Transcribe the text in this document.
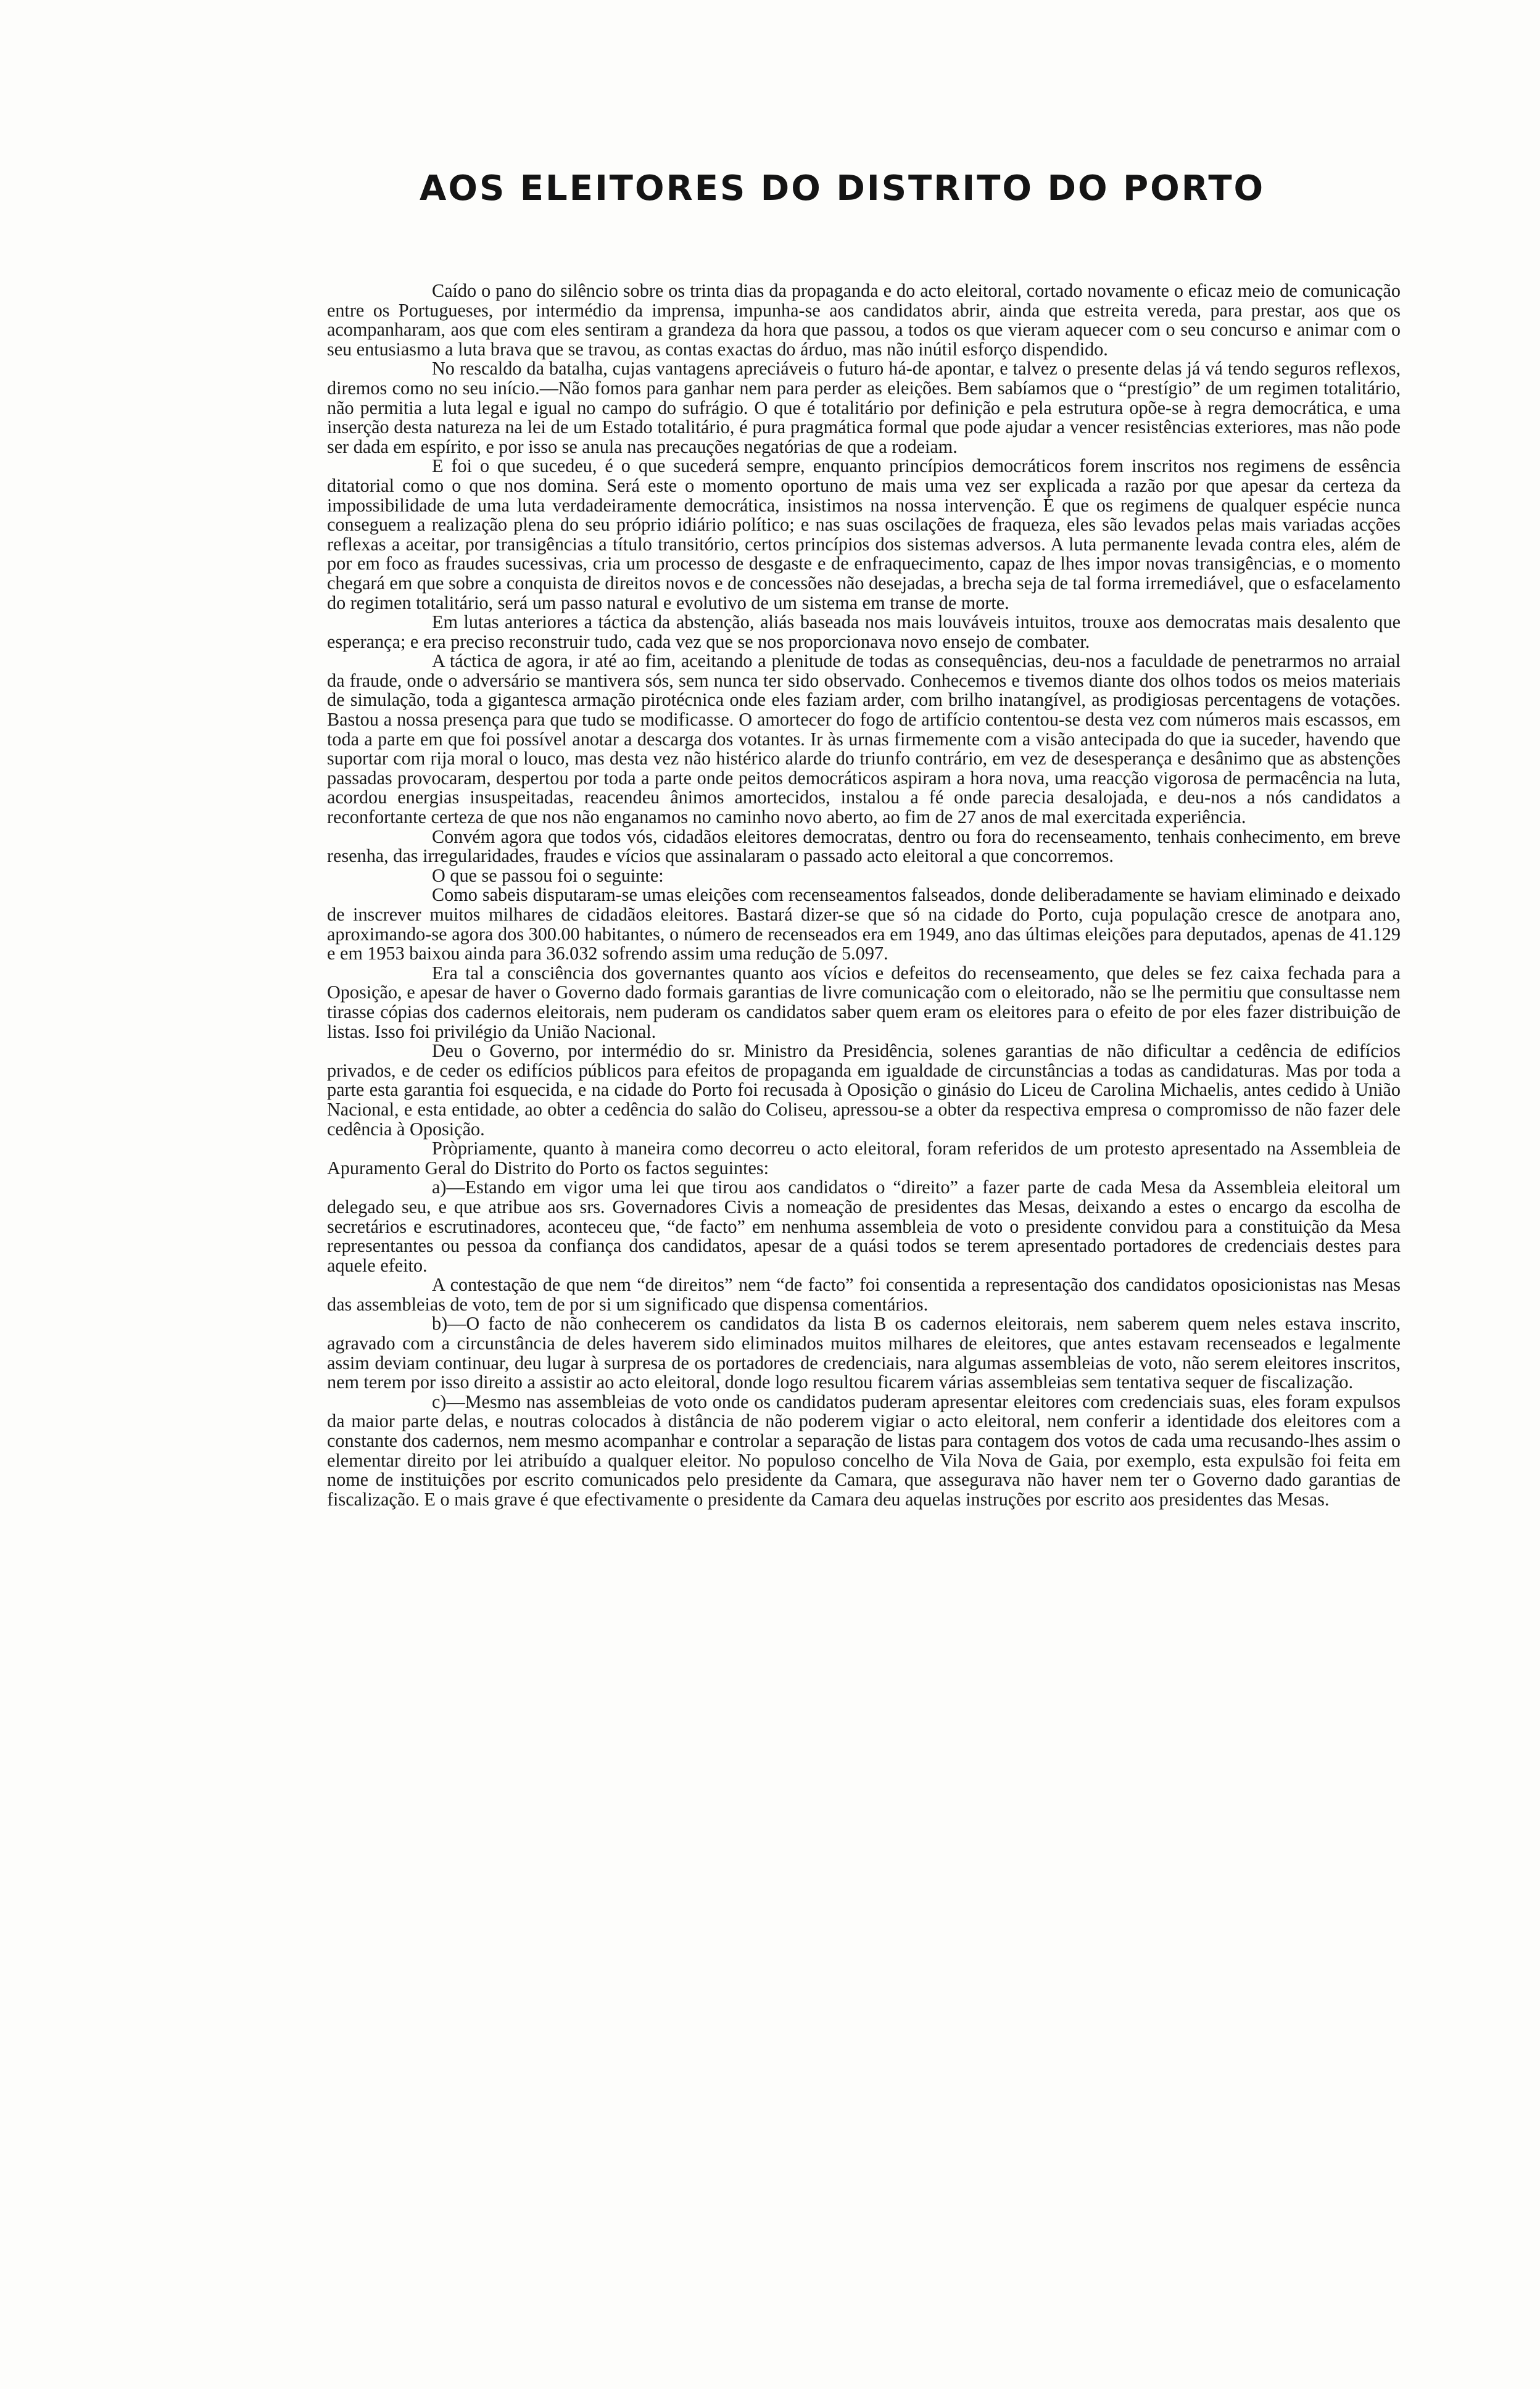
AOS ELEITORES DO DISTRITO DO PORTO

Caído o pano do silêncio sobre os trinta dias da propaganda e do acto eleitoral, cortado novamente o eficaz meio de comunicação entre os Portugueses, por intermédio da imprensa, impunha-se aos candidatos abrir, ainda que estreita vereda, para prestar, aos que os acompanharam, aos que com eles sentiram a grandeza da hora que passou, a todos os que vieram aquecer com o seu concurso e animar com o seu entusiasmo a luta brava que se travou, as contas exactas do árduo, mas não inútil esforço dispendido.

No rescaldo da batalha, cujas vantagens apreciáveis o futuro há-de apontar, e talvez o presente delas já vá tendo seguros reflexos, diremos como no seu início.—Não fomos para ganhar nem para perder as eleições. Bem sabíamos que o “prestígio” de um regimen totalitário, não permitia a luta legal e igual no campo do sufrágio. O que é totalitário por definição e pela estrutura opõe-se à regra democrática, e uma inserção desta natureza na lei de um Estado totalitário, é pura pragmática formal que pode ajudar a vencer resistências exteriores, mas não pode ser dada em espírito, e por isso se anula nas precauções negatórias de que a rodeiam.

E foi o que sucedeu, é o que sucederá sempre, enquanto princípios democráticos forem inscritos nos regimens de essência ditatorial como o que nos domina. Será este o momento oportuno de mais uma vez ser explicada a razão por que apesar da certeza da impossibilidade de uma luta verdadeiramente democrática, insistimos na nossa intervenção. É que os regimens de qualquer espécie nunca conseguem a realização plena do seu próprio idiário político; e nas suas oscilações de fraqueza, eles são levados pelas mais variadas acções reflexas a aceitar, por transigências a título transitório, certos princípios dos sistemas adversos. A luta permanente levada contra eles, além de por em foco as fraudes sucessivas, cria um processo de desgaste e de enfraquecimento, capaz de lhes impor novas transigências, e o momento chegará em que sobre a conquista de direitos novos e de concessões não desejadas, a brecha seja de tal forma irremediável, que o esfacelamento do regimen totalitário, será um passo natural e evolutivo de um sistema em transe de morte.

Em lutas anteriores a táctica da abstenção, aliás baseada nos mais louváveis intuitos, trouxe aos democratas mais desalento que esperança; e era preciso reconstruir tudo, cada vez que se nos proporcionava novo ensejo de combater.

A táctica de agora, ir até ao fim, aceitando a plenitude de todas as consequências, deu-nos a faculdade de penetrarmos no arraial da fraude, onde o adversário se mantivera sós, sem nunca ter sido observado. Conhecemos e tivemos diante dos olhos todos os meios materiais de simulação, toda a gigantesca armação pirotécnica onde eles faziam arder, com brilho inatangível, as prodigiosas percentagens de votações. Bastou a nossa presença para que tudo se modificasse. O amortecer do fogo de artifício contentou-se desta vez com números mais escassos, em toda a parte em que foi possível anotar a descarga dos votantes. Ir às urnas firmemente com a visão antecipada do que ia suceder, havendo que suportar com rija moral o louco, mas desta vez não histérico alarde do triunfo contrário, em vez de desesperança e desânimo que as abstenções passadas provocaram, despertou por toda a parte onde peitos democráticos aspiram a hora nova, uma reacção vigorosa de permacência na luta, acordou energias insuspeitadas, reacendeu ânimos amortecidos, instalou a fé onde parecia desalojada, e deu-nos a nós candidatos a reconfortante certeza de que nos não enganamos no caminho novo aberto, ao fim de 27 anos de mal exercitada experiência.

Convém agora que todos vós, cidadãos eleitores democratas, dentro ou fora do recenseamento, tenhais conhecimento, em breve resenha, das irregularidades, fraudes e vícios que assinalaram o passado acto eleitoral a que concorremos.

O que se passou foi o seguinte:

Como sabeis disputaram-se umas eleições com recenseamentos falseados, donde deliberadamente se haviam eliminado e deixado de inscrever muitos milhares de cidadãos eleitores. Bastará dizer-se que só na cidade do Porto, cuja população cresce de anotpara ano, aproximando-se agora dos 300.00 habitantes, o número de recenseados era em 1949, ano das últimas eleições para deputados, apenas de 41.129 e em 1953 baixou ainda para 36.032 sofrendo assim uma redução de 5.097.

Era tal a consciência dos governantes quanto aos vícios e defeitos do recenseamento, que deles se fez caixa fechada para a Oposição, e apesar de haver o Governo dado formais garantias de livre comunicação com o eleitorado, não se lhe permitiu que consultasse nem tirasse cópias dos cadernos eleitorais, nem puderam os candidatos saber quem eram os eleitores para o efeito de por eles fazer distribuição de listas. Isso foi privilégio da União Nacional.

Deu o Governo, por intermédio do sr. Ministro da Presidência, solenes garantias de não dificultar a cedência de edifícios privados, e de ceder os edifícios públicos para efeitos de propaganda em igualdade de circunstâncias a todas as candidaturas. Mas por toda a parte esta garantia foi esquecida, e na cidade do Porto foi recusada à Oposição o ginásio do Liceu de Carolina Michaelis, antes cedido à União Nacional, e esta entidade, ao obter a cedência do salão do Coliseu, apressou-se a obter da respectiva empresa o compromisso de não fazer dele cedência à Oposição.

Pròpriamente, quanto à maneira como decorreu o acto eleitoral, foram referidos de um protesto apresentado na Assembleia de Apuramento Geral do Distrito do Porto os factos seguintes:

a)—Estando em vigor uma lei que tirou aos candidatos o “direito” a fazer parte de cada Mesa da Assembleia eleitoral um delegado seu, e que atribue aos srs. Governadores Civis a nomeação de presidentes das Mesas, deixando a estes o encargo da escolha de secretários e escrutinadores, aconteceu que, “de facto” em nenhuma assembleia de voto o presidente convidou para a constituição da Mesa representantes ou pessoa da confiança dos candidatos, apesar de a quási todos se terem apresentado portadores de credenciais destes para aquele efeito.

A contestação de que nem “de direitos” nem “de facto” foi consentida a representação dos candidatos oposicionistas nas Mesas das assembleias de voto, tem de por si um significado que dispensa comentários.

b)—O facto de não conhecerem os candidatos da lista B os cadernos eleitorais, nem saberem quem neles estava inscrito, agravado com a circunstância de deles haverem sido eliminados muitos milhares de eleitores, que antes estavam recenseados e legalmente assim deviam continuar, deu lugar à surpresa de os portadores de credenciais, nara algumas assembleias de voto, não serem eleitores inscritos, nem terem por isso direito a assistir ao acto eleitoral, donde logo resultou ficarem várias assembleias sem tentativa sequer de fiscalização.

c)—Mesmo nas assembleias de voto onde os candidatos puderam apresentar eleitores com credenciais suas, eles foram expulsos da maior parte delas, e noutras colocados à distância de não poderem vigiar o acto eleitoral, nem conferir a identidade dos eleitores com a constante dos cadernos, nem mesmo acompanhar e controlar a separação de listas para contagem dos votos de cada uma recusando-lhes assim o elementar direito por lei atribuído a qualquer eleitor. No populoso concelho de Vila Nova de Gaia, por exemplo, esta expulsão foi feita em nome de instituições por escrito comunicados pelo presidente da Camara, que assegurava não haver nem ter o Governo dado garantias de fiscalização. E o mais grave é que efectivamente o presidente da Camara deu aquelas instruções por escrito aos presidentes das Mesas.
